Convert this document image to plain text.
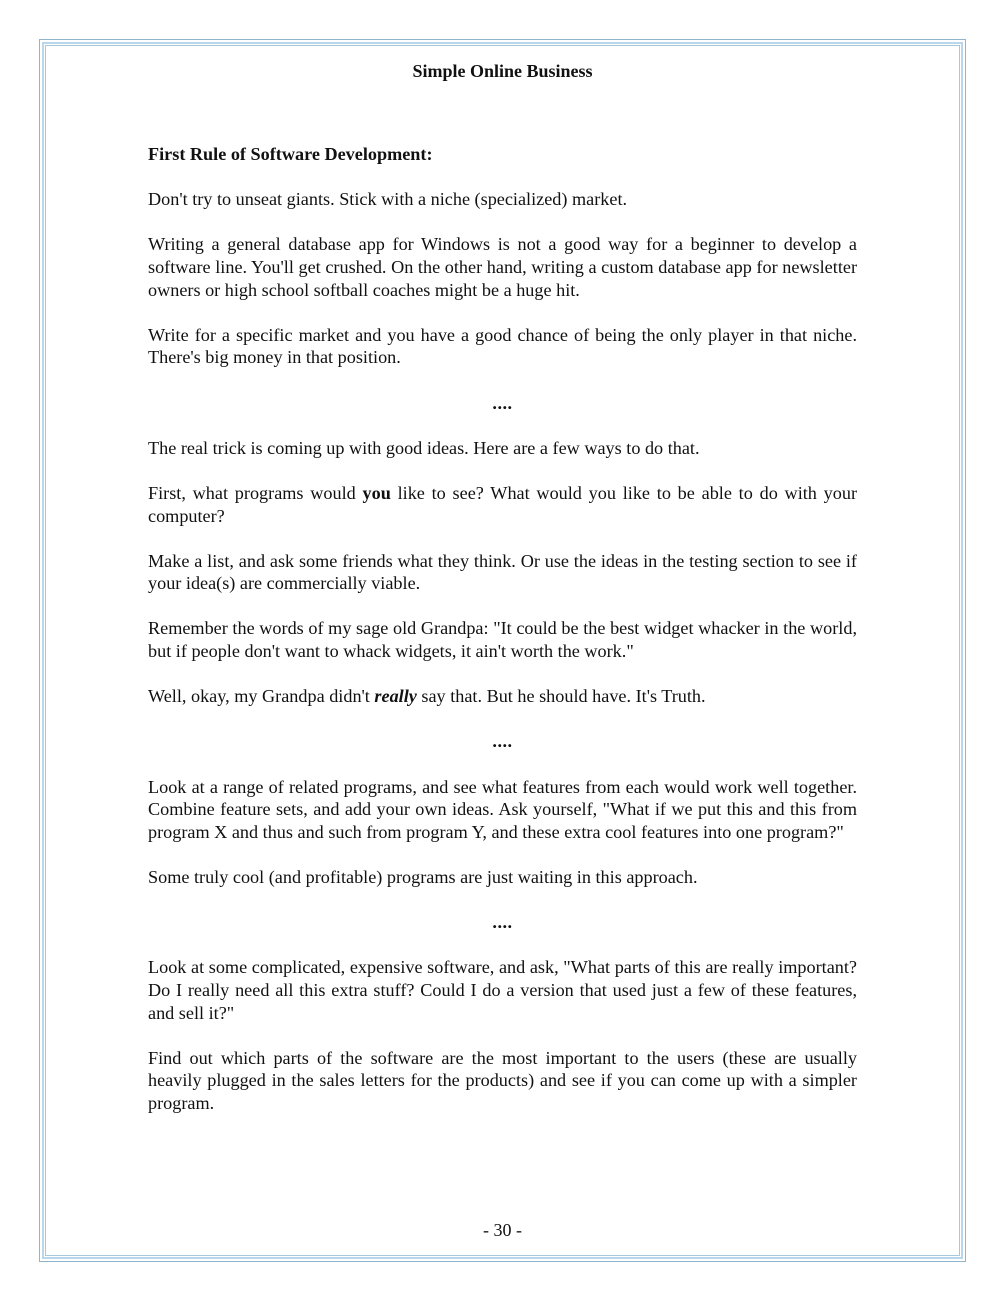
Simple Online Business

First Rule of Software Development:

Don't try to unseat giants. Stick with a niche (specialized) market.

Writing a general database app for Windows is not a good way for a beginner to develop a software line. You'll get crushed. On the other hand, writing a custom database app for newsletter owners or high school softball coaches might be a huge hit.

Write for a specific market and you have a good chance of being the only player in that niche. There's big money in that position.

....

The real trick is coming up with good ideas. Here are a few ways to do that.

First, what programs would you like to see? What would you like to be able to do with your computer?

Make a list, and ask some friends what they think. Or use the ideas in the testing section to see if your idea(s) are commercially viable.

Remember the words of my sage old Grandpa: "It could be the best widget whacker in the world, but if people don't want to whack widgets, it ain't worth the work."

Well, okay, my Grandpa didn't really say that. But he should have. It's Truth.

....

Look at a range of related programs, and see what features from each would work well together. Combine feature sets, and add your own ideas. Ask yourself, "What if we put this and this from program X and thus and such from program Y, and these extra cool features into one program?"

Some truly cool (and profitable) programs are just waiting in this approach.

....

Look at some complicated, expensive software, and ask, "What parts of this are really important? Do I really need all this extra stuff? Could I do a version that used just a few of these features, and sell it?"

Find out which parts of the software are the most important to the users (these are usually heavily plugged in the sales letters for the products) and see if you can come up with a simpler program.

- 30 -
